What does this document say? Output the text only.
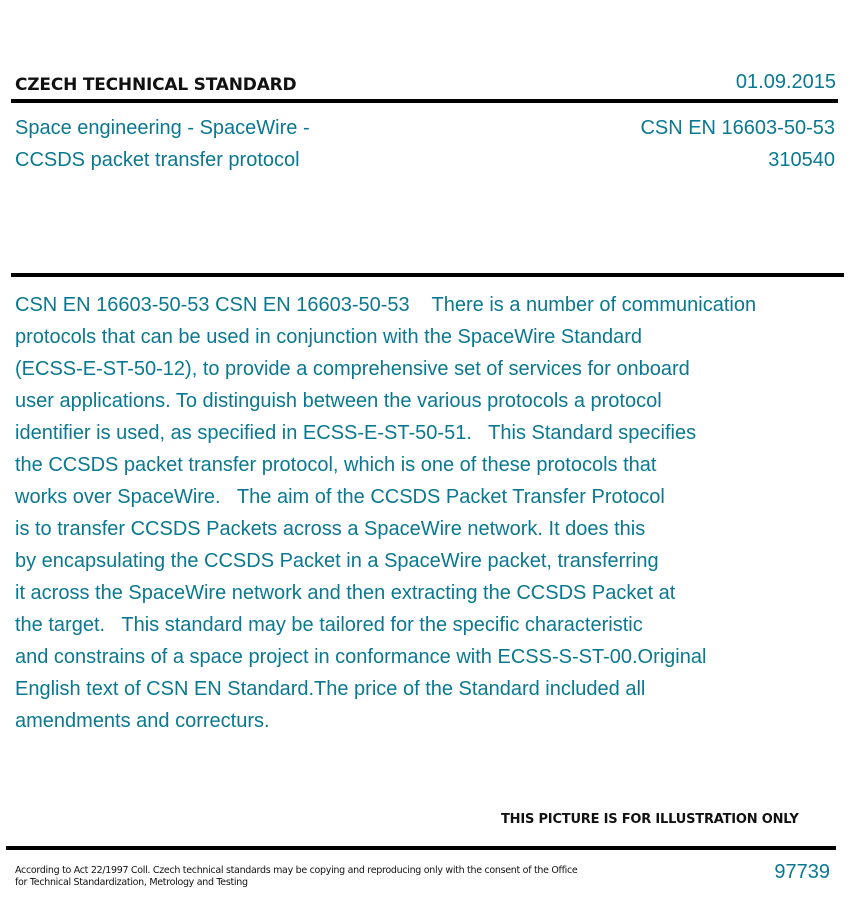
CZECH TECHNICAL STANDARD	01.09.2015
Space engineering - SpaceWire -
CCSDS packet transfer protocol
CSN EN 16603-50-53
310540
CSN EN 16603-50-53 CSN EN 16603-50-53    There is a number of communication
protocols that can be used in conjunction with the SpaceWire Standard
(ECSS-E-ST-50-12), to provide a comprehensive set of services for onboard
user applications. To distinguish between the various protocols a protocol
identifier is used, as specified in ECSS-E-ST-50-51.   This Standard specifies
the CCSDS packet transfer protocol, which is one of these protocols that
works over SpaceWire.   The aim of the CCSDS Packet Transfer Protocol
is to transfer CCSDS Packets across a SpaceWire network. It does this
by encapsulating the CCSDS Packet in a SpaceWire packet, transferring
it across the SpaceWire network and then extracting the CCSDS Packet at
the target.   This standard may be tailored for the specific characteristic
and constrains of a space project in conformance with ECSS-S-ST-00.Original
English text of CSN EN Standard.The price of the Standard included all
amendments and correcturs.
THIS PICTURE IS FOR ILLUSTRATION ONLY
According to Act 22/1997 Coll. Czech technical standards may be copying and reproducing only with the consent of the Office
for Technical Standardization, Metrology and Testing	97739
